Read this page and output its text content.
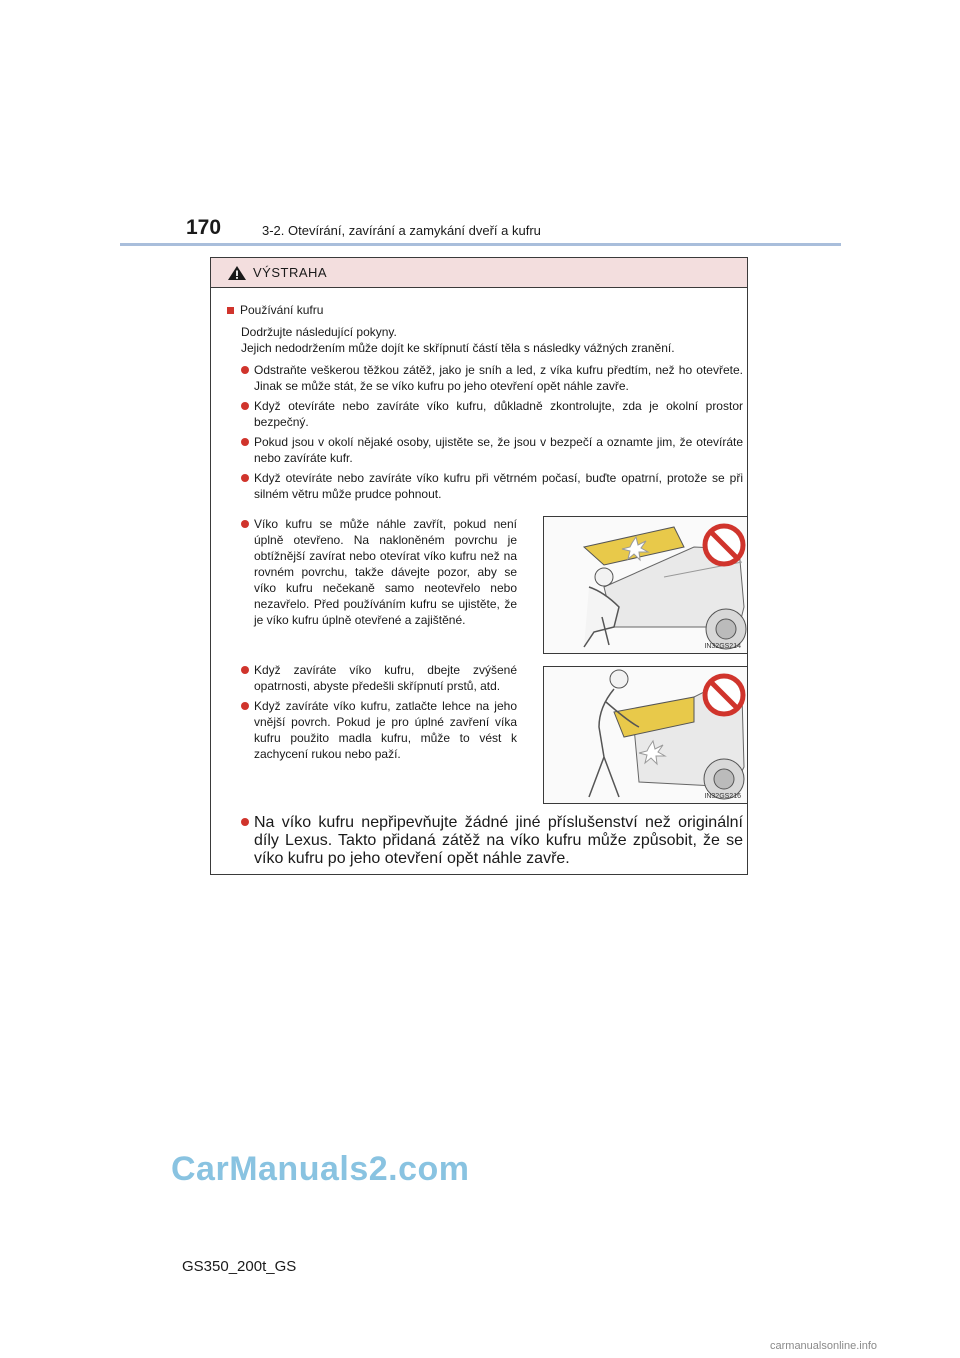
170	3-2. Otevírání, zavírání a zamykání dveří a kufru
VÝSTRAHA
Používání kufru
Dodržujte následující pokyny.
Jejich nedodržením může dojít ke skřípnutí částí těla s následky vážných zranění.
Odstraňte veškerou těžkou zátěž, jako je sníh a led, z víka kufru předtím, než ho otevřete. Jinak se může stát, že se víko kufru po jeho otevření opět náhle zavře.
Když otevíráte nebo zavíráte víko kufru, důkladně zkontrolujte, zda je okolní prostor bezpečný.
Pokud jsou v okolí nějaké osoby, ujistěte se, že jsou v bezpečí a oznamte jim, že otevíráte nebo zavíráte kufr.
Když otevíráte nebo zavíráte víko kufru při větrném počasí, buďte opatrní, protože se při silném větru může prudce pohnout.
Víko kufru se může náhle zavřít, pokud není úplně otevřeno. Na nakloněném povrchu je obtížnější zavírat nebo otevírat víko kufru než na rovném povrchu, takže dávejte pozor, aby se víko kufru nečekaně samo neotevřelo nebo nezavřelo. Před používáním kufru se ujistěte, že je víko kufru úplně otevřené a zajištěné.
IN32GS214
Když zavíráte víko kufru, dbejte zvýšené opatrnosti, abyste předešli skřípnutí prstů, atd.
Když zavíráte víko kufru, zatlačte lehce na jeho vnější povrch. Pokud je pro úplné zavření víka kufru použito madla kufru, může to vést k zachycení rukou nebo paží.
IN32GS216
Na víko kufru nepřipevňujte žádné jiné příslušenství než originální díly Lexus. Takto přidaná zátěž na víko kufru může způsobit, že se víko kufru po jeho otevření opět náhle zavře.
CarManuals2.com
GS350_200t_GS
carmanualsonline.info
